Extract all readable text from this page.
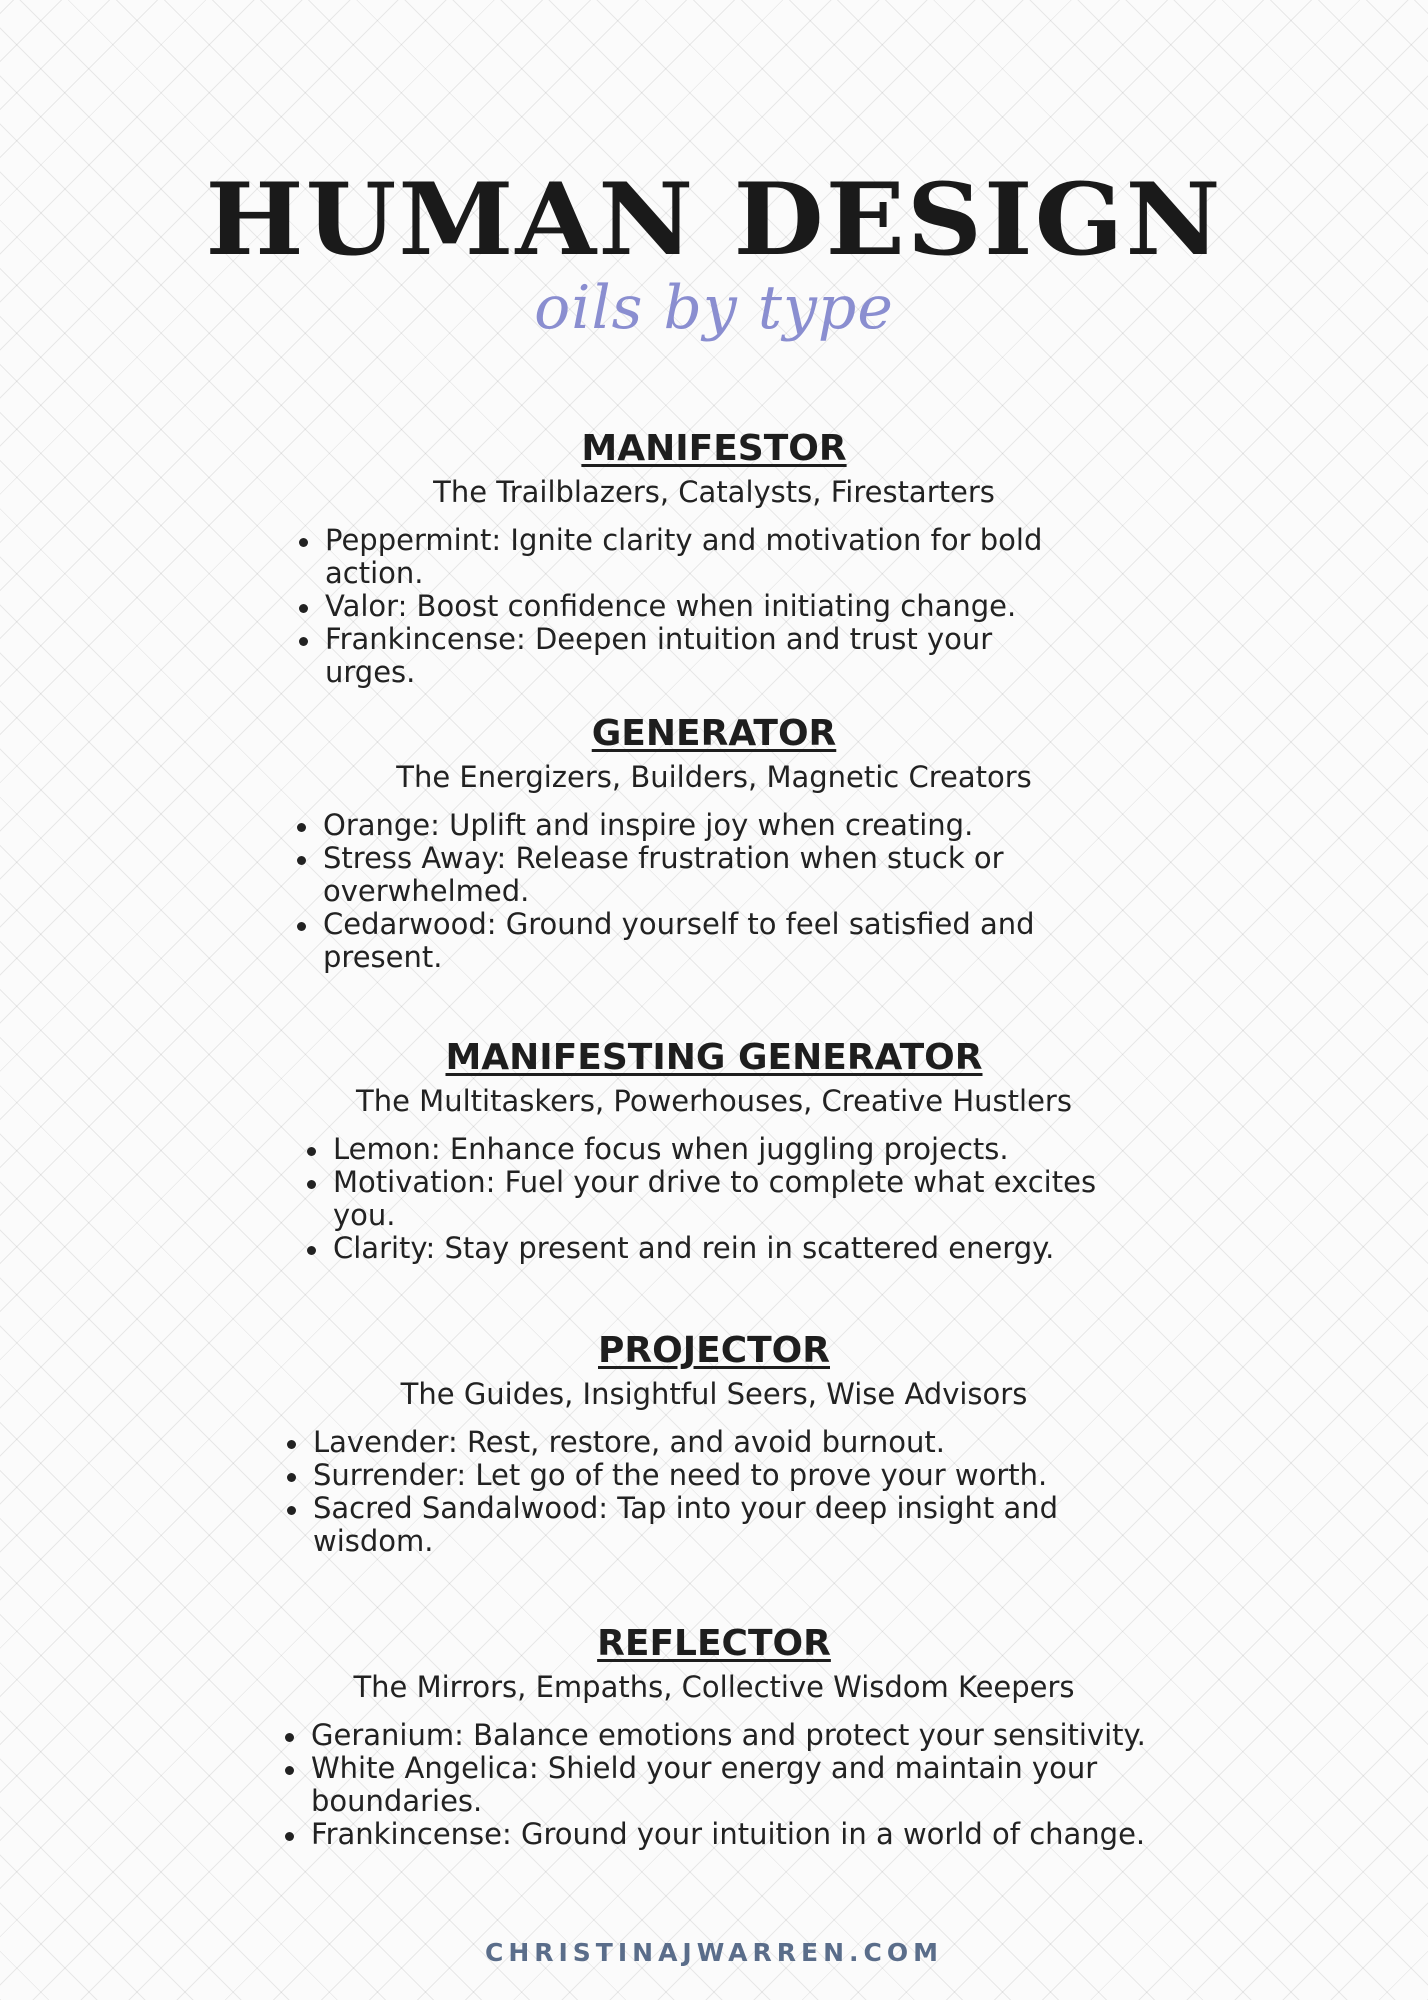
HUMAN DESIGN
oils by type
MANIFESTOR
The Trailblazers, Catalysts, Firestarters
Peppermint: Ignite clarity and motivation for bold action.
Valor: Boost confidence when initiating change.
Frankincense: Deepen intuition and trust your urges.
GENERATOR
The Energizers, Builders, Magnetic Creators
Orange: Uplift and inspire joy when creating.
Stress Away: Release frustration when stuck or overwhelmed.
Cedarwood: Ground yourself to feel satisfied and present.
MANIFESTING GENERATOR
The Multitaskers, Powerhouses, Creative Hustlers
Lemon: Enhance focus when juggling projects.
Motivation: Fuel your drive to complete what excites you.
Clarity: Stay present and rein in scattered energy.
PROJECTOR
The Guides, Insightful Seers, Wise Advisors
Lavender: Rest, restore, and avoid burnout.
Surrender: Let go of the need to prove your worth.
Sacred Sandalwood: Tap into your deep insight and wisdom.
REFLECTOR
The Mirrors, Empaths, Collective Wisdom Keepers
Geranium: Balance emotions and protect your sensitivity.
White Angelica: Shield your energy and maintain your boundaries.
Frankincense: Ground your intuition in a world of change.
CHRISTINAJWARREN.COM
